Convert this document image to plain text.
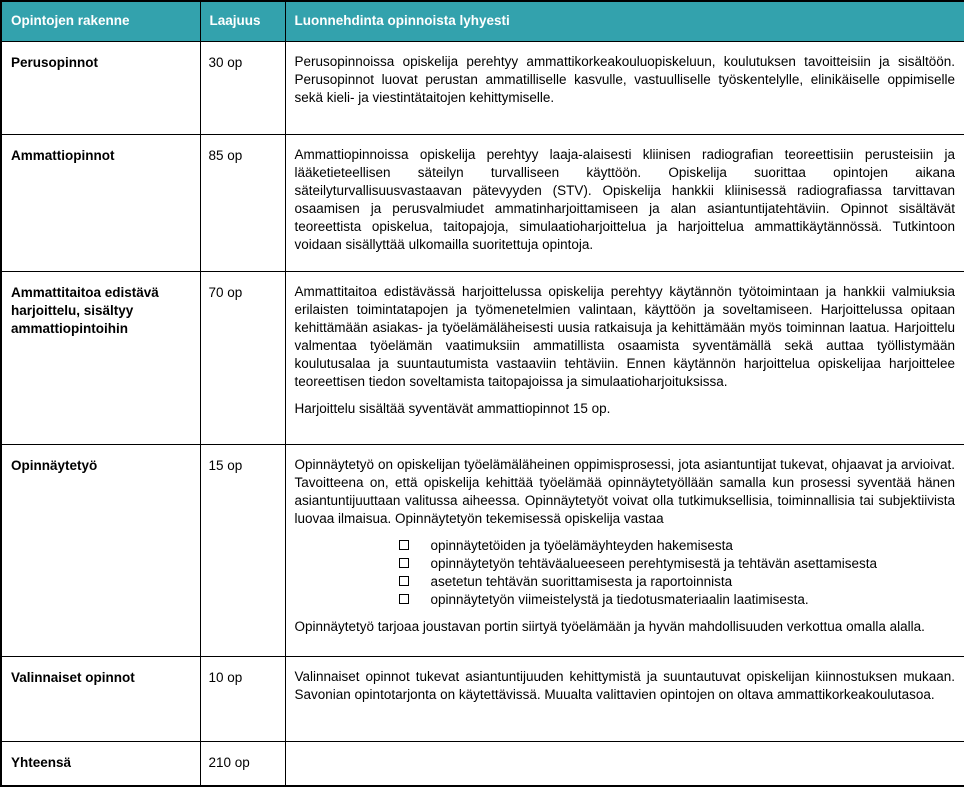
Opintojen rakenne	Laajuus	Luonnehdinta opinnoista lyhyesti
Perusopinnot	30 op	Perusopinnoissa opiskelija perehtyy ammattikorkeakouluopiskeluun, koulutuksen tavoitteisiin ja sisältöön. Perusopinnot luovat perustan ammatilliselle kasvulle, vastuulliselle työskentelylle, elinikäiselle oppimiselle sekä kieli- ja viestintätaitojen kehittymiselle.

Ammattiopinnot	85 op	Ammattiopinnoissa opiskelija perehtyy laaja-alaisesti kliinisen radiografian teoreettisiin perusteisiin ja lääketieteellisen säteilyn turvalliseen käyttöön. Opiskelija suorittaa opintojen aikana säteilyturvallisuusvastaavan pätevyyden (STV). Opiskelija hankkii kliinisessä radiografiassa tarvittavan osaamisen ja perusvalmiudet ammatinharjoittamiseen ja alan asiantuntijatehtäviin. Opinnot sisältävät teoreettista opiskelua, taitopajoja, simulaatioharjoittelua ja harjoittelua ammattikäytännössä. Tutkintoon voidaan sisällyttää ulkomailla suoritettuja opintoja.

Ammattitaitoa edistävä harjoittelu, sisältyy ammattiopintoihin	70 op	Ammattitaitoa edistävässä harjoittelussa opiskelija perehtyy käytännön työtoimintaan ja hankkii valmiuksia erilaisten toimintatapojen ja työmenetelmien valintaan, käyttöön ja soveltamiseen. Harjoittelussa opitaan kehittämään asiakas- ja työelämäläheisesti uusia ratkaisuja ja kehittämään myös toiminnan laatua. Harjoittelu valmentaa työelämän vaatimuksiin ammatillista osaamista syventämällä sekä auttaa työllistymään koulutusalaa ja suuntautumista vastaaviin tehtäviin. Ennen käytännön harjoittelua opiskelijaa harjoittelee teoreettisen tiedon soveltamista taitopajoissa ja simulaatioharjoituksissa.

Harjoittelu sisältää syventävät ammattiopinnot 15 op.

Opinnäytetyö	15 op	Opinnäytetyö on opiskelijan työelämäläheinen oppimisprosessi, jota asiantuntijat tukevat, ohjaavat ja arvioivat. Tavoitteena on, että opiskelija kehittää työelämää opinnäytetyöllään samalla kun prosessi syventää hänen asiantuntijuuttaan valitussa aiheessa. Opinnäytetyöt voivat olla tutkimuksellisia, toiminnallisia tai subjektiivista luovaa ilmaisua. Opinnäytetyön tekemisessä opiskelija vastaa

opinnäytetöiden ja työelämäyhteyden hakemisesta
opinnäytetyön tehtäväalueeseen perehtymisestä ja tehtävän asettamisesta
asetetun tehtävän suorittamisesta ja raportoinnista
opinnäytetyön viimeistelystä ja tiedotusmateriaalin laatimisesta.

Opinnäytetyö tarjoaa joustavan portin siirtyä työelämään ja hyvän mahdollisuuden verkottua omalla alalla.

Valinnaiset opinnot	10 op	Valinnaiset opinnot tukevat asiantuntijuuden kehittymistä ja suuntautuvat opiskelijan kiinnostuksen mukaan. Savonian opintotarjonta on käytettävissä. Muualta valittavien opintojen on oltava ammattikorkeakoulutasoa.

Yhteensä	210 op	
